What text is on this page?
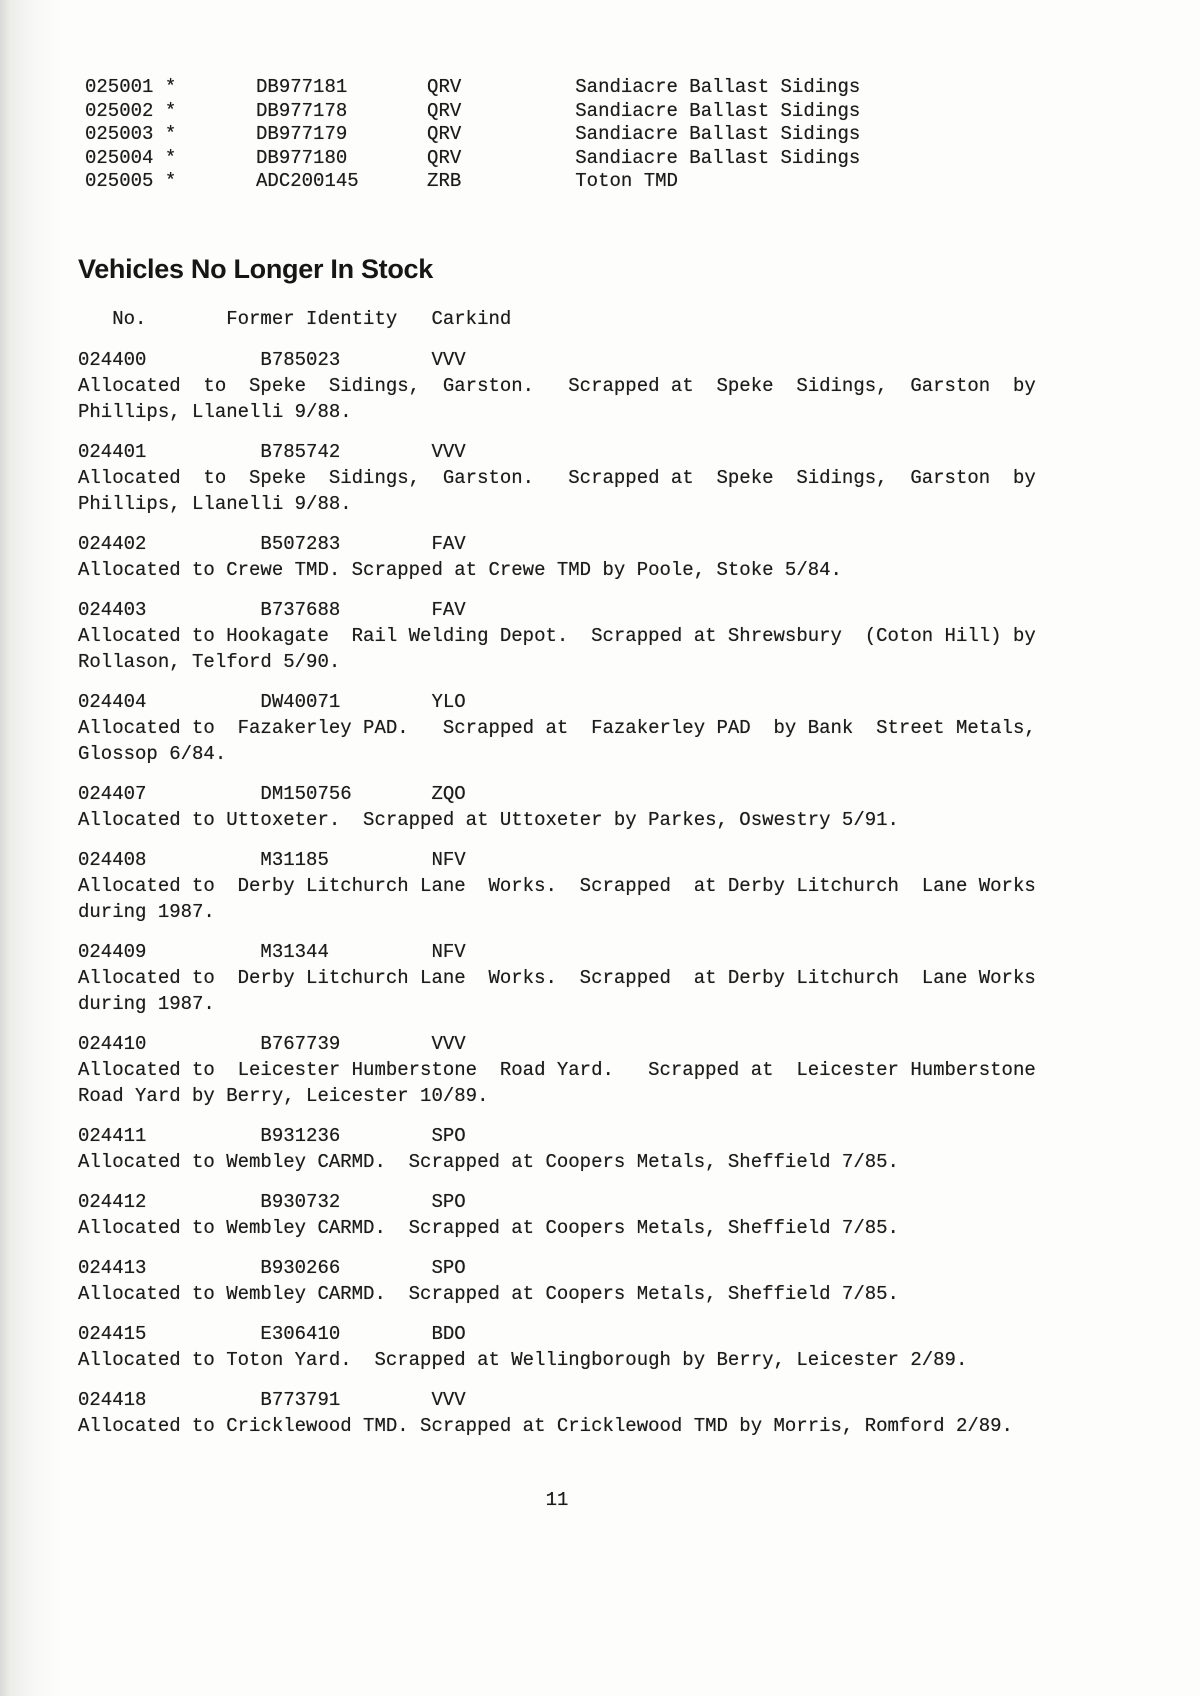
025001 *       DB977181       QRV          Sandiacre Ballast Sidings
025002 *       DB977178       QRV          Sandiacre Ballast Sidings
025003 *       DB977179       QRV          Sandiacre Ballast Sidings
025004 *       DB977180       QRV          Sandiacre Ballast Sidings
025005 *       ADC200145      ZRB          Toton TMD
Vehicles No Longer In Stock
No.       Former Identity   Carkind
024400          B785023        VVV
Allocated  to  Speke  Sidings,  Garston.   Scrapped at  Speke  Sidings,  Garston  by
Phillips, Llanelli 9/88.
024401          B785742        VVV
Allocated  to  Speke  Sidings,  Garston.   Scrapped at  Speke  Sidings,  Garston  by
Phillips, Llanelli 9/88.
024402          B507283        FAV
Allocated to Crewe TMD. Scrapped at Crewe TMD by Poole, Stoke 5/84.
024403          B737688        FAV
Allocated to Hookagate  Rail Welding Depot.  Scrapped at Shrewsbury  (Coton Hill) by
Rollason, Telford 5/90.
024404          DW40071        YLO
Allocated to  Fazakerley PAD.   Scrapped at  Fazakerley PAD  by Bank  Street Metals,
Glossop 6/84.
024407          DM150756       ZQO
Allocated to Uttoxeter.  Scrapped at Uttoxeter by Parkes, Oswestry 5/91.
024408          M31185         NFV
Allocated to  Derby Litchurch Lane  Works.  Scrapped  at Derby Litchurch  Lane Works
during 1987.
024409          M31344         NFV
Allocated to  Derby Litchurch Lane  Works.  Scrapped  at Derby Litchurch  Lane Works
during 1987.
024410          B767739        VVV
Allocated to  Leicester Humberstone  Road Yard.   Scrapped at  Leicester Humberstone
Road Yard by Berry, Leicester 10/89.
024411          B931236        SPO
Allocated to Wembley CARMD.  Scrapped at Coopers Metals, Sheffield 7/85.
024412          B930732        SPO
Allocated to Wembley CARMD.  Scrapped at Coopers Metals, Sheffield 7/85.
024413          B930266        SPO
Allocated to Wembley CARMD.  Scrapped at Coopers Metals, Sheffield 7/85.
024415          E306410        BDO
Allocated to Toton Yard.  Scrapped at Wellingborough by Berry, Leicester 2/89.
024418          B773791        VVV
Allocated to Cricklewood TMD. Scrapped at Cricklewood TMD by Morris, Romford 2/89.
11
